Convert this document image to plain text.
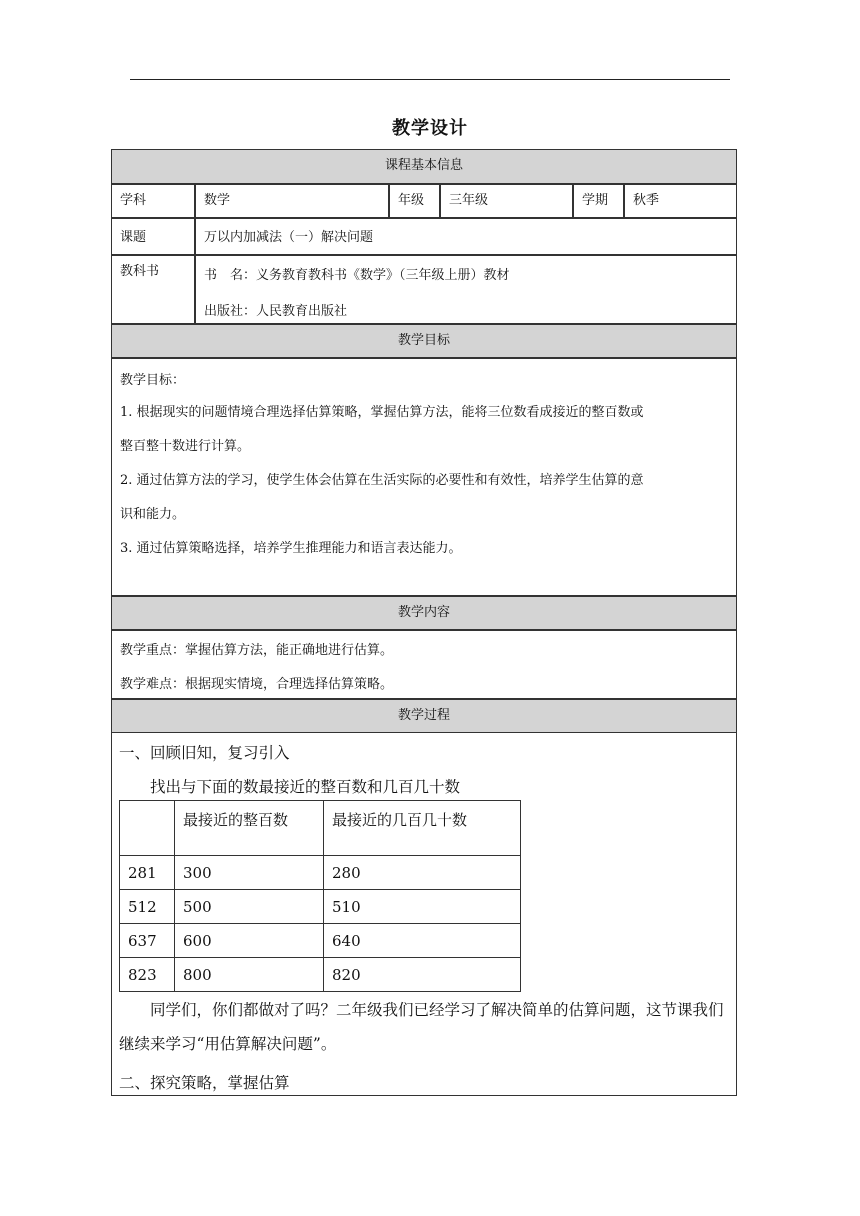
教学设计
课程基本信息
学科	数学	年级	三年级	学期	秋季
课题	万以内加减法（一）解决问题
教科书	书　名：义务教育教科书《数学》（三年级上册）教材
出版社：人民教育出版社
教学目标
教学目标：
1. 根据现实的问题情境合理选择估算策略，掌握估算方法，能将三位数看成接近的整百数或
整百整十数进行计算。
2. 通过估算方法的学习，使学生体会估算在生活实际的必要性和有效性，培养学生估算的意
识和能力。
3. 通过估算策略选择，培养学生推理能力和语言表达能力。
教学内容
教学重点：掌握估算方法，能正确地进行估算。
教学难点：根据现实情境，合理选择估算策略。
教学过程
一、回顾旧知，复习引入
找出与下面的数最接近的整百数和几百几十数
	最接近的整百数	最接近的几百几十数
281	300	280
512	500	510
637	600	640
823	800	820
同学们，你们都做对了吗？二年级我们已经学习了解决简单的估算问题，这节课我们继续来学习“用估算解决问题”。
二、探究策略，掌握估算
